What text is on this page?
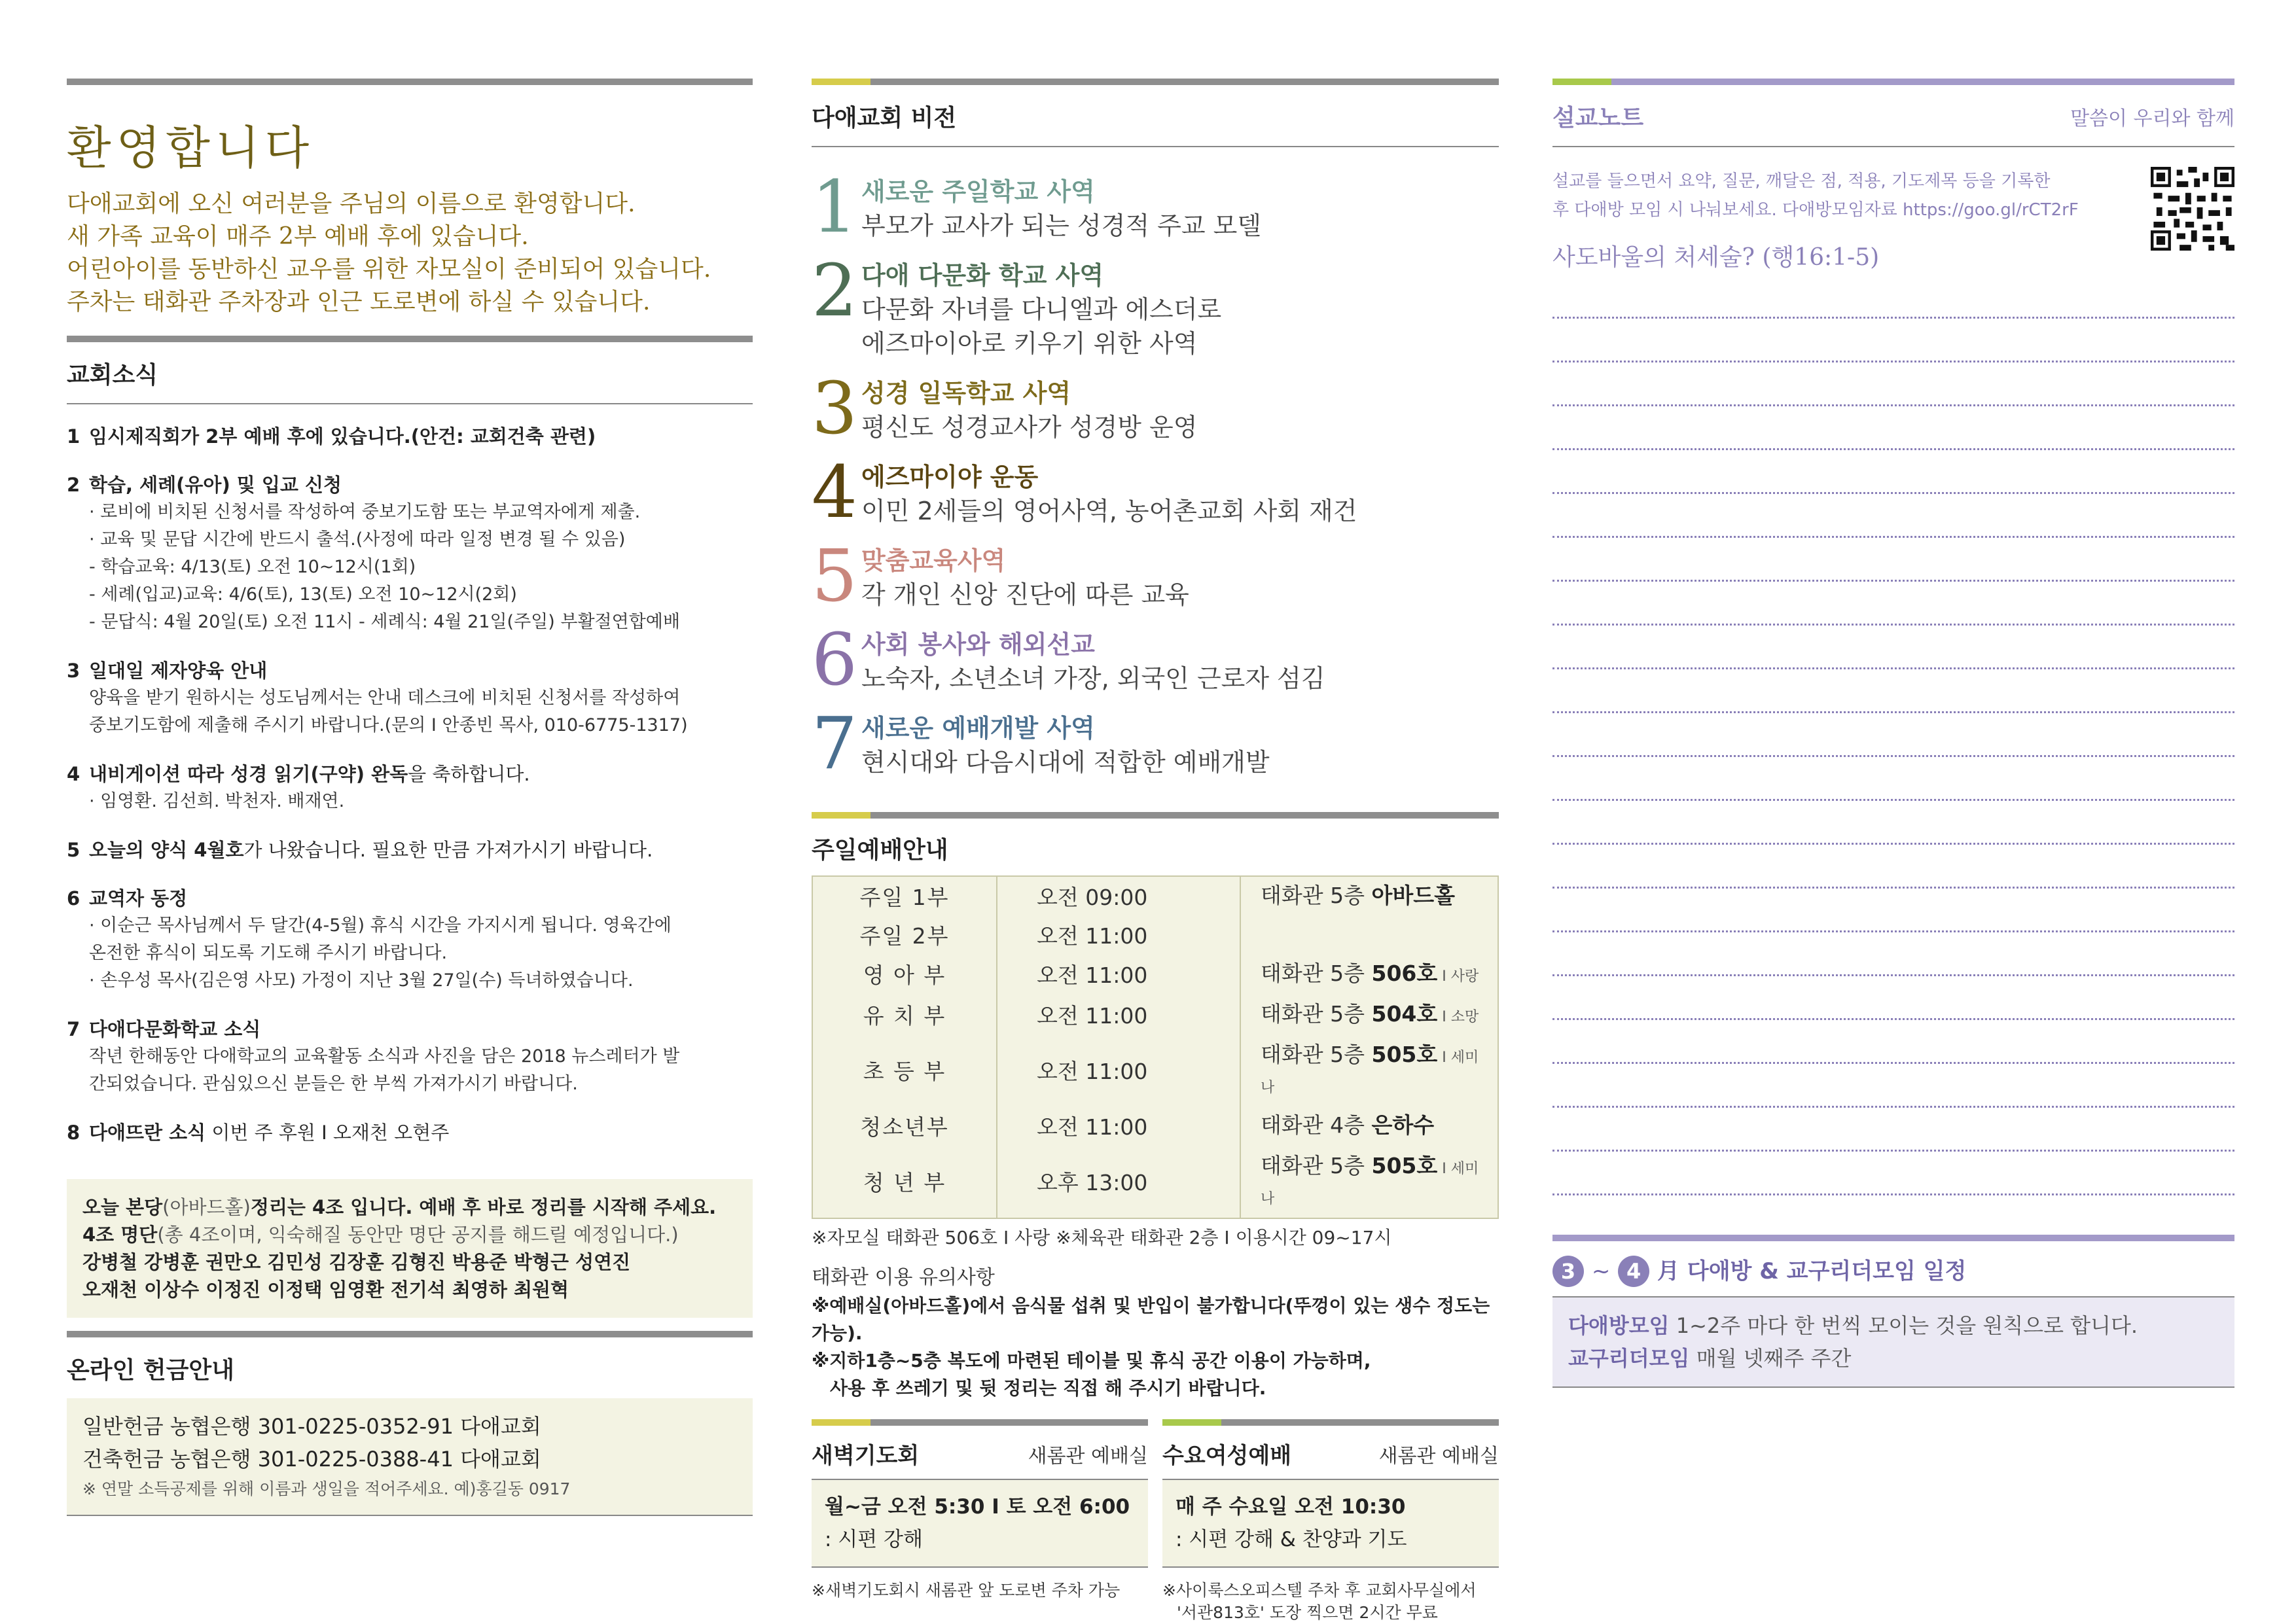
환영합니다
다애교회에 오신 여러분을 주님의 이름으로 환영합니다.
새 가족 교육이 매주 2부 예배 후에 있습니다.
어린아이를 동반하신 교우를 위한 자모실이 준비되어 있습니다.
주차는 태화관 주차장과 인근 도로변에 하실 수 있습니다.
교회소식
1 임시제직회가 2부 예배 후에 있습니다.(안건: 교회건축 관련)
2 학습, 세례(유아) 및 입교 신청
· 로비에 비치된 신청서를 작성하여 중보기도함 또는 부교역자에게 제출.
· 교육 및 문답 시간에 반드시 출석.(사정에 따라 일정 변경 될 수 있음)
- 학습교육: 4/13(토) 오전 10~12시(1회)
- 세례(입교)교육: 4/6(토), 13(토) 오전 10~12시(2회)
- 문답식: 4월 20일(토) 오전 11시 - 세례식: 4월 21일(주일) 부활절연합예배
3 일대일 제자양육 안내
양육을 받기 원하시는 성도님께서는 안내 데스크에 비치된 신청서를 작성하여
중보기도함에 제출해 주시기 바랍니다.(문의 I 안종빈 목사, 010-6775-1317)
4 내비게이션 따라 성경 읽기(구약) 완독을 축하합니다.
· 임영환. 김선희. 박천자. 배재연.
5 오늘의 양식 4월호가 나왔습니다. 필요한 만큼 가져가시기 바랍니다.
6 교역자 동정
· 이순근 목사님께서 두 달간(4-5월) 휴식 시간을 가지시게 됩니다. 영육간에
온전한 휴식이 되도록 기도해 주시기 바랍니다.
· 손우성 목사(김은영 사모) 가정이 지난 3월 27일(수) 득녀하였습니다.
7 다애다문화학교 소식
작년 한해동안 다애학교의 교육활동 소식과 사진을 담은 2018 뉴스레터가 발
간되었습니다. 관심있으신 분들은 한 부씩 가져가시기 바랍니다.
8 다애뜨란 소식 이번 주 후원 I 오재천 오현주
오늘 본당(아바드홀)정리는 4조 입니다. 예배 후 바로 정리를 시작해 주세요.
4조 명단(총 4조이며, 익숙해질 동안만 명단 공지를 해드릴 예정입니다.)
강병철 강병훈 권만오 김민성 김장훈 김형진 박용준 박형근 성연진
오재천 이상수 이정진 이정택 임영환 전기석 최영하 최원혁
온라인 헌금안내
일반헌금 농협은행 301-0225-0352-91 다애교회
건축헌금 농협은행 301-0225-0388-41 다애교회
※ 연말 소득공제를 위해 이름과 생일을 적어주세요. 예)홍길동 0917
다애교회 비전
1 새로운 주일학교 사역
부모가 교사가 되는 성경적 주교 모델
2 다애 다문화 학교 사역
다문화 자녀를 다니엘과 에스더로
에즈마이아로 키우기 위한 사역
3 성경 일독학교 사역
평신도 성경교사가 성경방 운영
4 에즈마이야 운동
이민 2세들의 영어사역, 농어촌교회 사회 재건
5 맞춤교육사역
각 개인 신앙 진단에 따른 교육
6 사회 봉사와 해외선교
노숙자, 소년소녀 가장, 외국인 근로자 섬김
7 새로운 예배개발 사역
현시대와 다음시대에 적합한 예배개발
주일예배안내
주일 1부	오전 09:00	태화관 5층 아바드홀
주일 2부	오전 11:00	
영 아 부	오전 11:00	태화관 5층 506호 I 사랑
유 치 부	오전 11:00	태화관 5층 504호 I 소망
초 등 부	오전 11:00	태화관 5층 505호 I 세미나
청소년부	오전 11:00	태화관 4층 은하수
청 년 부	오후 13:00	태화관 5층 505호 I 세미나
※자모실 태화관 506호 I 사랑 ※체육관 태화관 2층 I 이용시간 09~17시
태화관 이용 유의사항
※예배실(아바드홀)에서 음식물 섭취 및 반입이 불가합니다(뚜껑이 있는 생수 정도는 가능).
※지하1층~5층 복도에 마련된 테이블 및 휴식 공간 이용이 가능하며,
사용 후 쓰레기 및 뒷 정리는 직접 해 주시기 바랍니다.
새벽기도회	새롬관 예배실
월~금 오전 5:30 I 토 오전 6:00
: 시편 강해
※새벽기도회시 새롬관 앞 도로변 주차 가능
수요여성예배	새롬관 예배실
매 주 수요일 오전 10:30
: 시편 강해 & 찬양과 기도
※사이룩스오피스텔 주차 후 교회사무실에서
'서관813호' 도장 찍으면 2시간 무료
설교노트	말씀이 우리와 함께
설교를 들으면서 요약, 질문, 깨달은 점, 적용, 기도제목 등을 기록한
후 다애방 모임 시 나눠보세요. 다애방모임자료 https://goo.gl/rCT2rF
사도바울의 처세술? (행16:1-5)
3 ~ 4 月 다애방 & 교구리더모임 일정
다애방모임 1~2주 마다 한 번씩 모이는 것을 원칙으로 합니다.
교구리더모임 매월 넷째주 주간
